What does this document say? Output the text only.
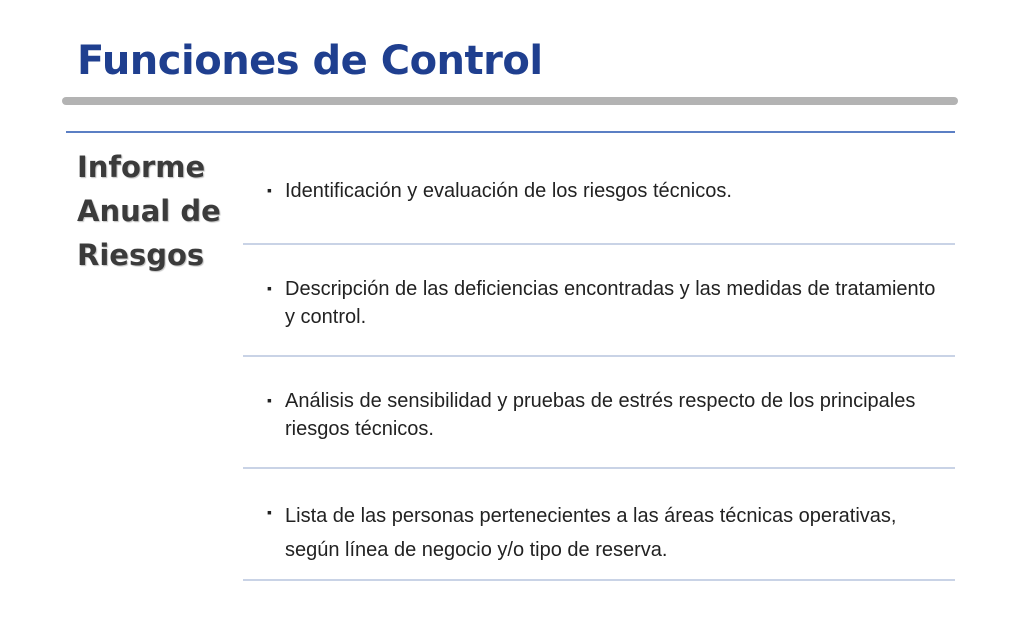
Funciones de Control
Informe Anual de Riesgos
▪ Identificación y evaluación de los riesgos técnicos.
▪ Descripción de las deficiencias encontradas y las medidas de tratamiento y control.
▪ Análisis de sensibilidad y pruebas de estrés respecto de los principales riesgos técnicos.
▪ Lista de las personas pertenecientes a las áreas técnicas operativas, según línea de negocio y/o tipo de reserva.
